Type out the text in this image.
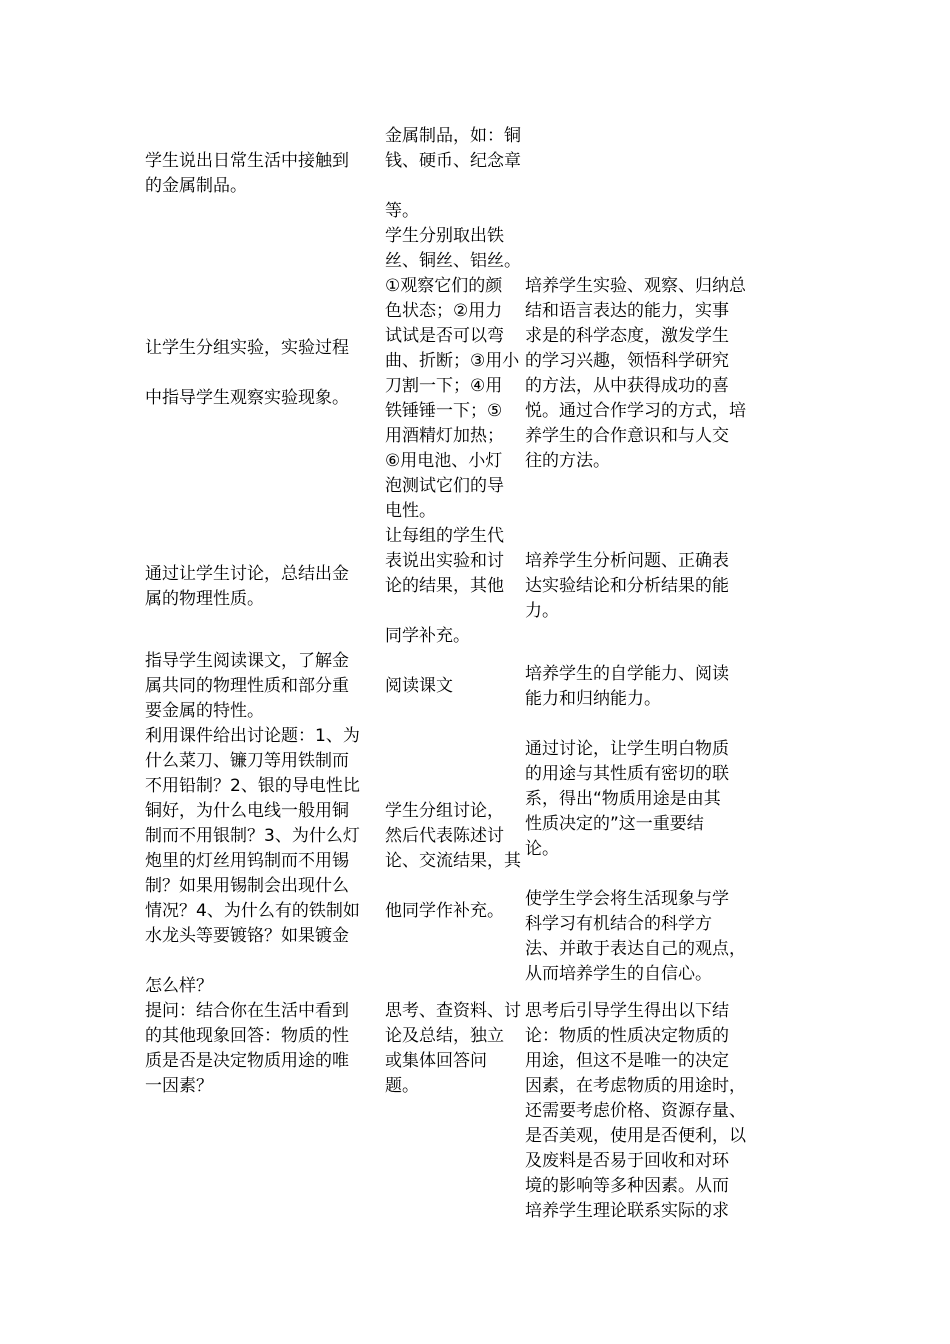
金属制品，如：铜
钱、硬币、纪念章

等。

学生说出日常生活中接触到
的金属制品。

学生分别取出铁
丝、铜丝、铝丝。
①观察它们的颜
色状态；②用力
试试是否可以弯
曲、折断；③用小
刀割一下；④用
铁锤锤一下；⑤
用酒精灯加热；
⑥用电池、小灯
泡测试它们的导
电性。

培养学生实验、观察、归纳总
结和语言表达的能力，实事
求是的科学态度，激发学生
的学习兴趣，领悟科学研究
的方法，从中获得成功的喜
悦。通过合作学习的方式，培
养学生的合作意识和与人交
往的方法。

让学生分组实验，实验过程

中指导学生观察实验现象。

让每组的学生代
表说出实验和讨
论的结果，其他

同学补充。

培养学生分析问题、正确表
达实验结论和分析结果的能
力。

通过让学生讨论，总结出金
属的物理性质。

指导学生阅读课文，了解金
属共同的物理性质和部分重
要金属的特性。

培养学生的自学能力、阅读
能力和归纳能力。

阅读课文

利用课件给出讨论题：1、为
什么菜刀、镰刀等用铁制而
不用铅制？2、银的导电性比
铜好，为什么电线一般用铜
制而不用银制？3、为什么灯
炮里的灯丝用钨制而不用锡
制？如果用锡制会出现什么
情况？4、为什么有的铁制如
水龙头等要镀铬？如果镀金

怎么样？

通过讨论，让学生明白物质
的用途与其性质有密切的联
系，得出“物质用途是由其
性质决定的”这一重要结
论。

学生分组讨论，
然后代表陈述讨
论、交流结果，其

他同学作补充。

使学生学会将生活现象与学
科学习有机结合的科学方
法、并敢于表达自己的观点，
从而培养学生的自信心。

提问：结合你在生活中看到
的其他现象回答：物质的性
质是否是决定物质用途的唯
一因素？

思考、查资料、讨
论及总结，独立
或集体回答问
题。

思考后引导学生得出以下结
论：物质的性质决定物质的
用途，但这不是唯一的决定
因素，在考虑物质的用途时，
还需要考虑价格、资源存量、
是否美观，使用是否便利，以
及废料是否易于回收和对环
境的影响等多种因素。从而
培养学生理论联系实际的求
